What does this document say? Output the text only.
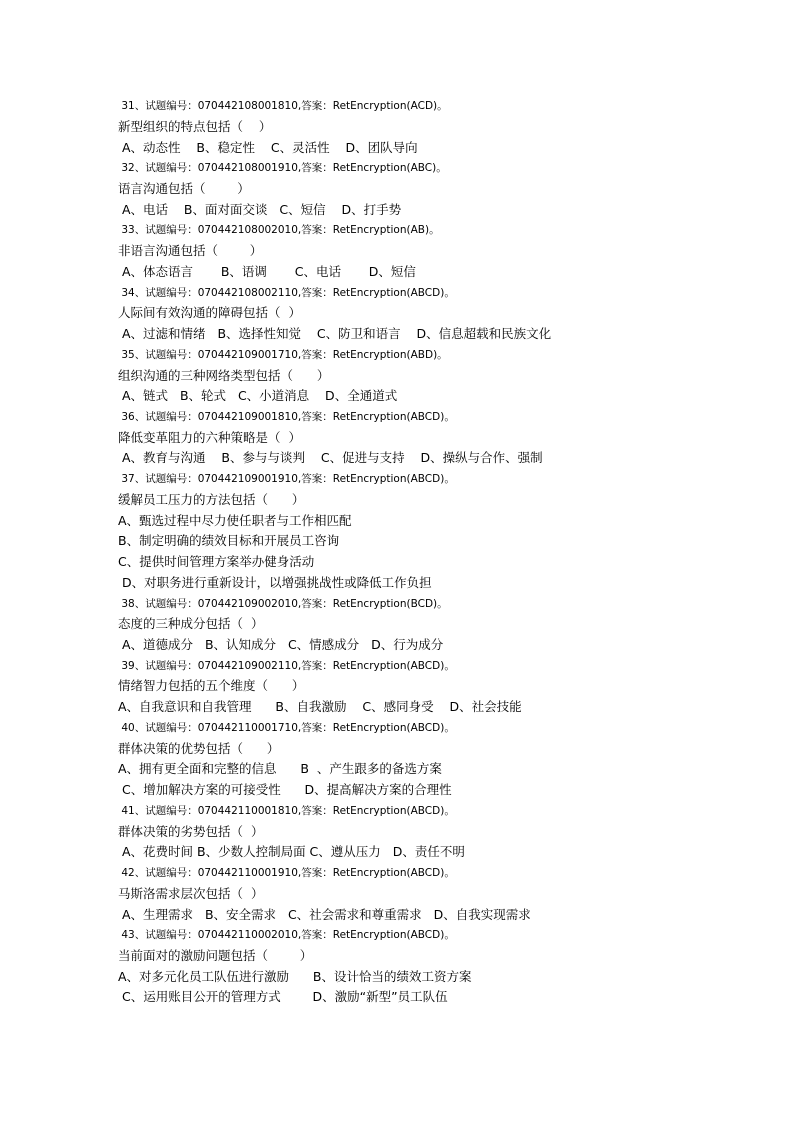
31、试题编号：070442108001810,答案：RetEncryption(ACD)。
新型组织的特点包括（    ）
A、动态性    B、稳定性    C、灵活性    D、团队导向
32、试题编号：070442108001910,答案：RetEncryption(ABC)。
语言沟通包括（        ）
A、电话    B、面对面交谈   C、短信    D、打手势
33、试题编号：070442108002010,答案：RetEncryption(AB)。
非语言沟通包括（        ）
A、体态语言       B、语调       C、电话       D、短信
34、试题编号：070442108002110,答案：RetEncryption(ABCD)。
人际间有效沟通的障碍包括（  ）
A、过滤和情绪   B、选择性知觉    C、防卫和语言    D、信息超载和民族文化
35、试题编号：070442109001710,答案：RetEncryption(ABD)。
组织沟通的三种网络类型包括（      ）
A、链式   B、轮式   C、小道消息    D、全通道式
36、试题编号：070442109001810,答案：RetEncryption(ABCD)。
降低变革阻力的六种策略是（  ）
A、教育与沟通    B、参与与谈判    C、促进与支持    D、操纵与合作、强制
37、试题编号：070442109001910,答案：RetEncryption(ABCD)。
缓解员工压力的方法包括（      ）
A、甄选过程中尽力使任职者与工作相匹配
B、制定明确的绩效目标和开展员工咨询
C、提供时间管理方案举办健身活动
D、对职务进行重新设计，以增强挑战性或降低工作负担
38、试题编号：070442109002010,答案：RetEncryption(BCD)。
态度的三种成分包括（  ）
A、道德成分   B、认知成分   C、情感成分   D、行为成分
39、试题编号：070442109002110,答案：RetEncryption(ABCD)。
情绪智力包括的五个维度（      ）
A、自我意识和自我管理      B、自我激励    C、感同身受    D、社会技能
40、试题编号：070442110001710,答案：RetEncryption(ABCD)。
群体决策的优势包括（      ）
A、拥有更全面和完整的信息      B  、产生跟多的备选方案
C、增加解决方案的可接受性      D、提高解决方案的合理性
41、试题编号：070442110001810,答案：RetEncryption(ABCD)。
群体决策的劣势包括（  ）
A、花费时间 B、少数人控制局面 C、遵从压力   D、责任不明
42、试题编号：070442110001910,答案：RetEncryption(ABCD)。
马斯洛需求层次包括（  ）
A、生理需求   B、安全需求   C、社会需求和尊重需求   D、自我实现需求
43、试题编号：070442110002010,答案：RetEncryption(ABCD)。
当前面对的激励问题包括（        ）
A、对多元化员工队伍进行激励      B、设计恰当的绩效工资方案
C、运用账目公开的管理方式        D、激励“新型”员工队伍
